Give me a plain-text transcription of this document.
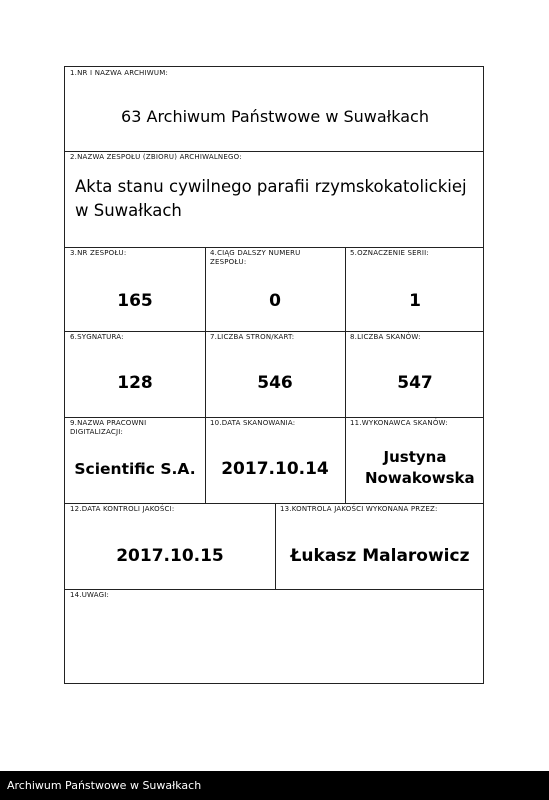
1.NR I NAZWA ARCHIWUM:
63 Archiwum Państwowe w Suwałkach
2.NAZWA ZESPOŁU (ZBIORU) ARCHIWALNEGO:
Akta stanu cywilnego parafii rzymskokatolickiej w Suwałkach
3.NR ZESPOŁU:
165
4.CIĄG DALSZY NUMERU ZESPOŁU:
0
5.OZNACZENIE SERII:
1
6.SYGNATURA:
128
7.LICZBA STRON/KART:
546
8.LICZBA SKANÓW:
547
9.NAZWA PRACOWNI DIGITALIZACJI:
Scientific S.A.
10.DATA SKANOWANIA:
2017.10.14
11.WYKONAWCA SKANÓW:
Justyna Nowakowska
12.DATA KONTROLI JAKOŚCI:
2017.10.15
13.KONTROLA JAKOŚCI WYKONANA PRZEZ:
Łukasz Malarowicz
14.UWAGI:
Archiwum Państwowe w Suwałkach
